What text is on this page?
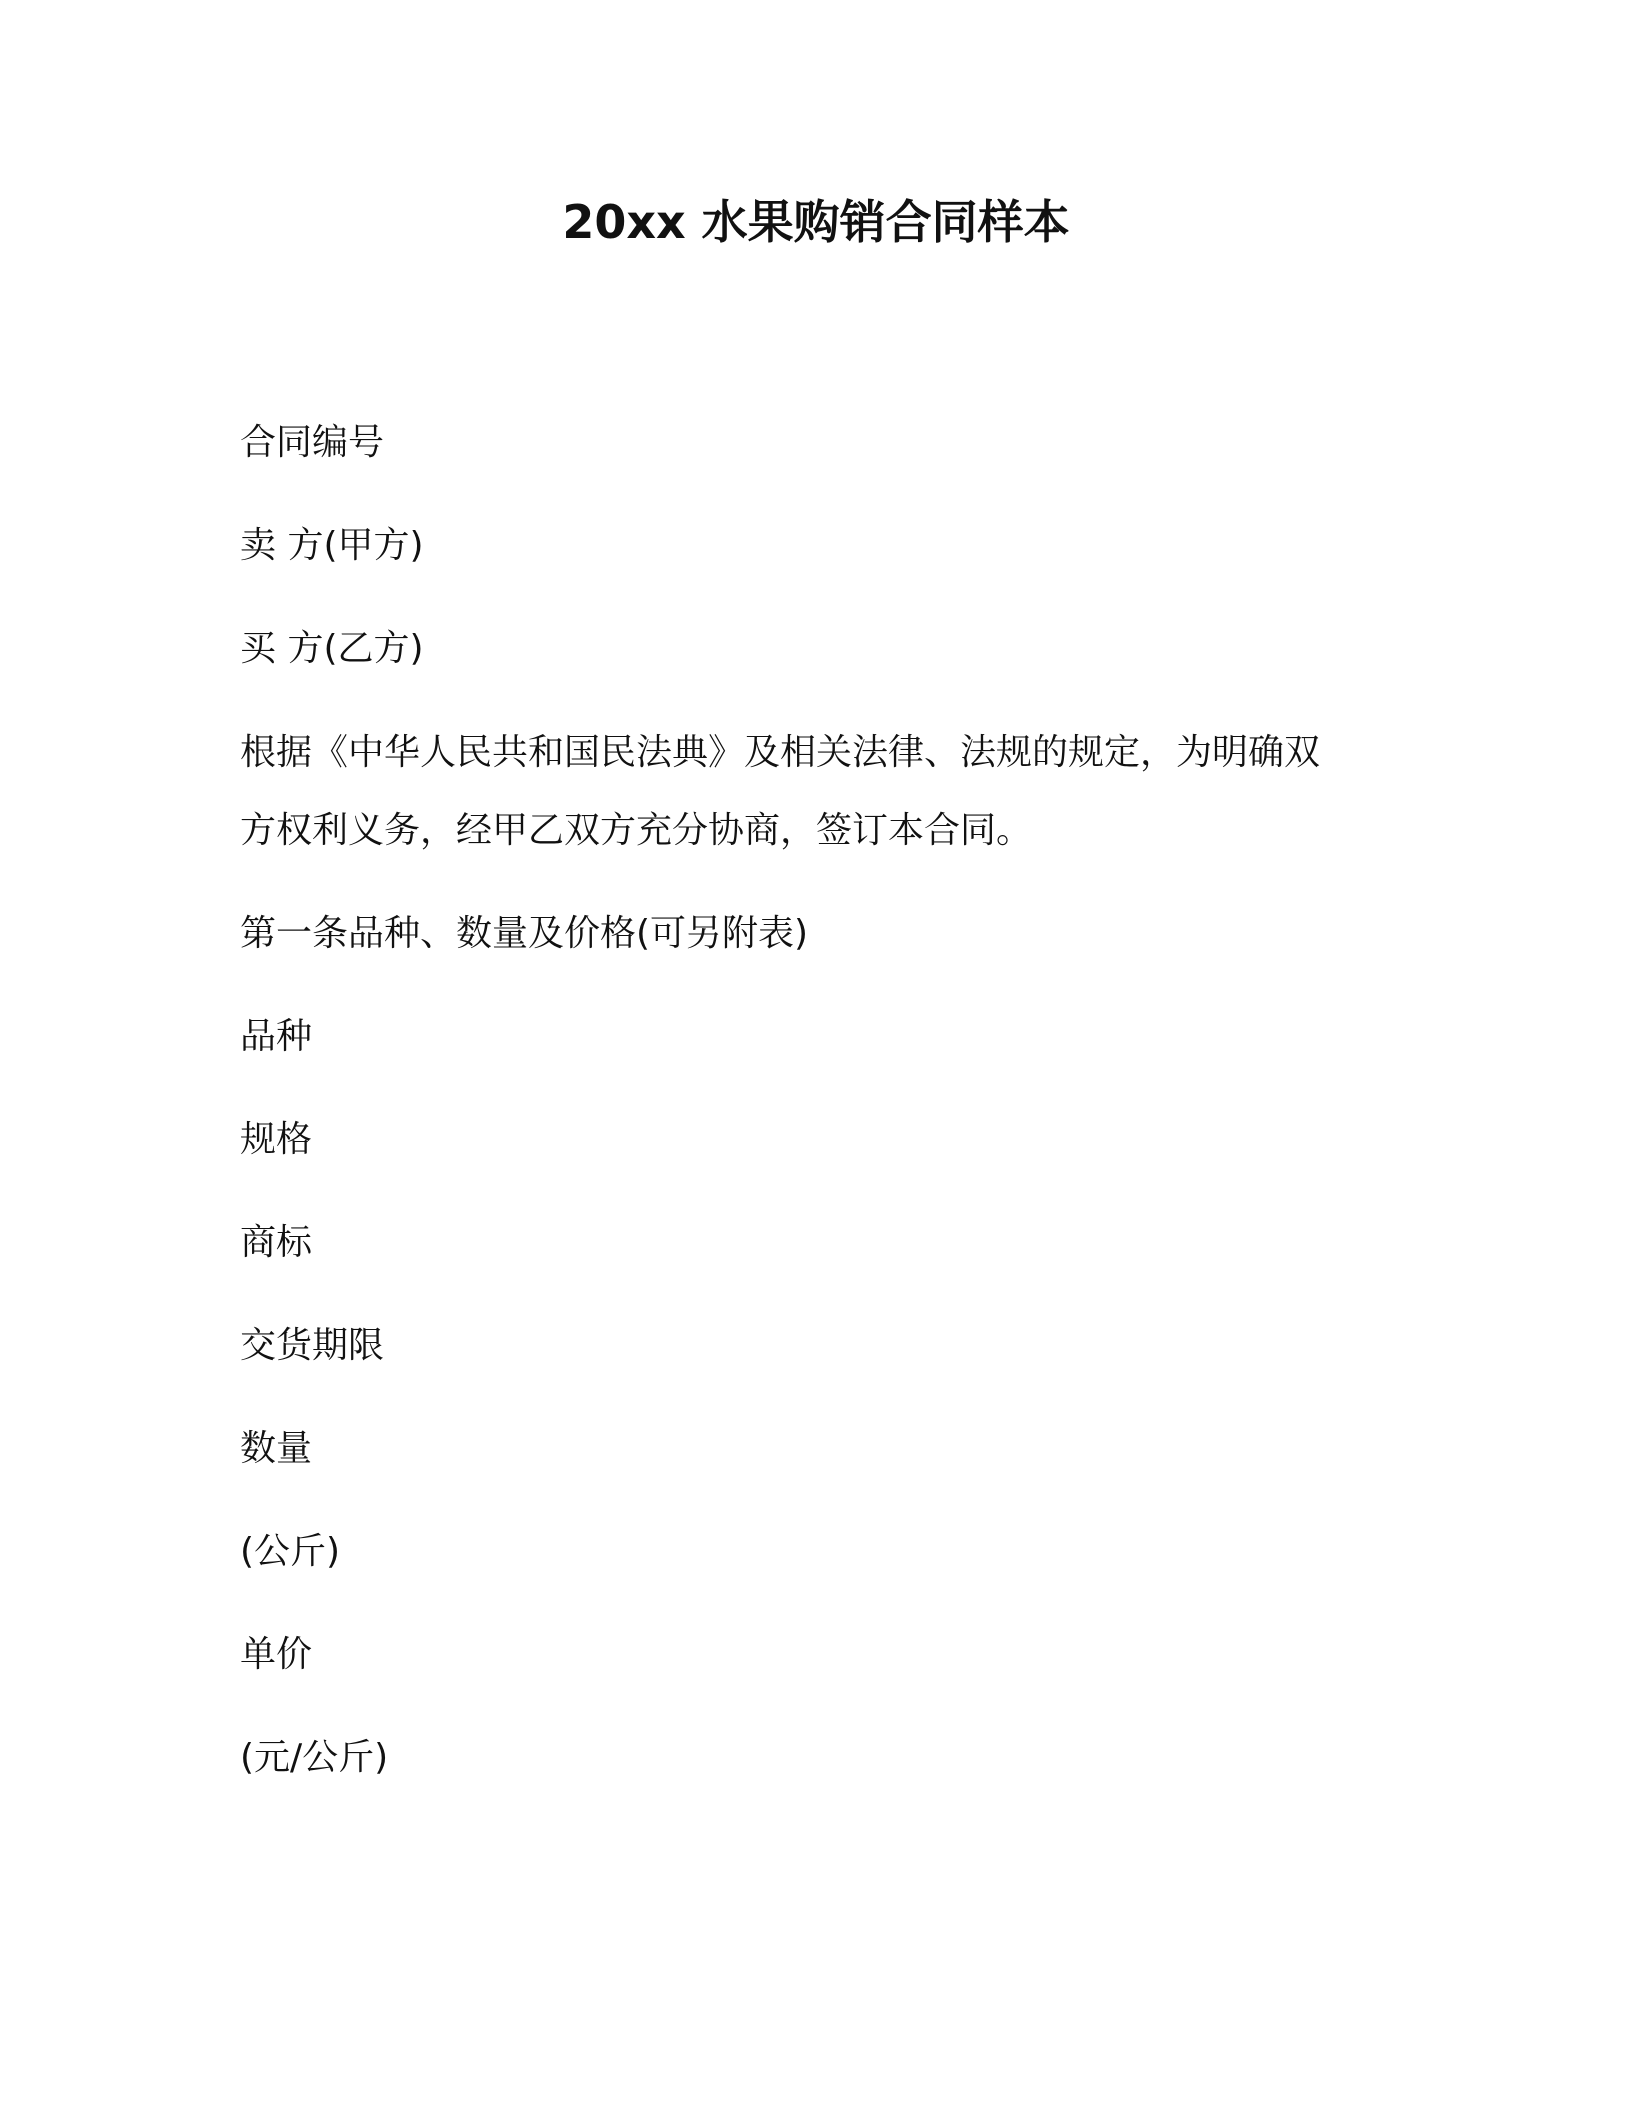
20xx 水果购销合同样本

合同编号

卖 方(甲方)

买 方(乙方)

根据《中华人民共和国民法典》及相关法律、法规的规定，为明确双

方权利义务，经甲乙双方充分协商，签订本合同。

第一条品种、数量及价格(可另附表)

品种

规格

商标

交货期限

数量

(公斤)

单价

(元/公斤)
